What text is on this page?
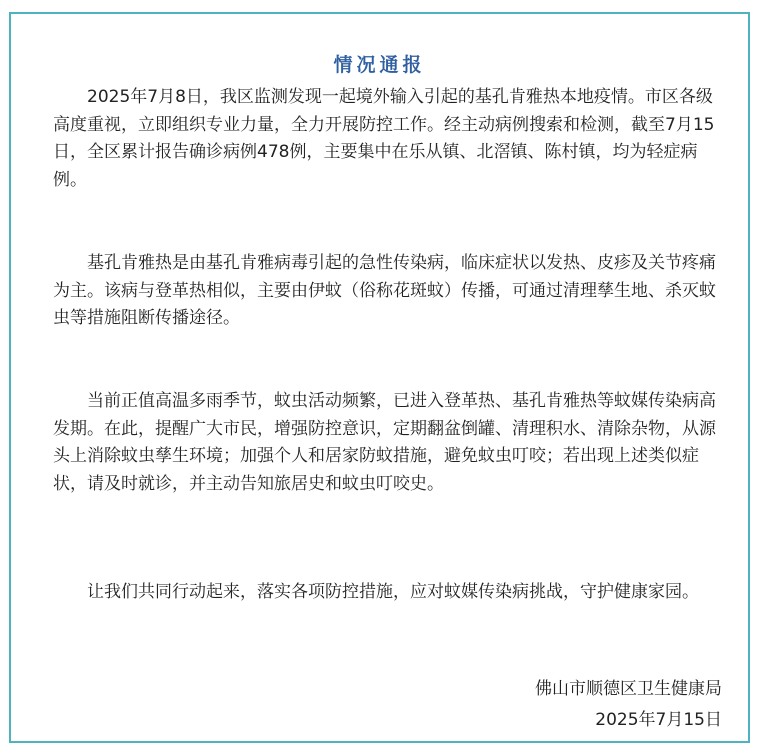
情况通报

2025年7月8日，我区监测发现一起境外输入引起的基孔肯雅热本地疫情。市区各级高度重视，立即组织专业力量，全力开展防控工作。经主动病例搜索和检测，截至7月15日，全区累计报告确诊病例478例，主要集中在乐从镇、北滘镇、陈村镇，均为轻症病例。

基孔肯雅热是由基孔肯雅病毒引起的急性传染病，临床症状以发热、皮疹及关节疼痛为主。该病与登革热相似，主要由伊蚊（俗称花斑蚊）传播，可通过清理孳生地、杀灭蚊虫等措施阻断传播途径。

当前正值高温多雨季节，蚊虫活动频繁，已进入登革热、基孔肯雅热等蚊媒传染病高发期。在此，提醒广大市民，增强防控意识，定期翻盆倒罐、清理积水、清除杂物，从源头上消除蚊虫孳生环境；加强个人和居家防蚊措施，避免蚊虫叮咬；若出现上述类似症状，请及时就诊，并主动告知旅居史和蚊虫叮咬史。

让我们共同行动起来，落实各项防控措施，应对蚊媒传染病挑战，守护健康家园。

佛山市顺德区卫生健康局
2025年7月15日
